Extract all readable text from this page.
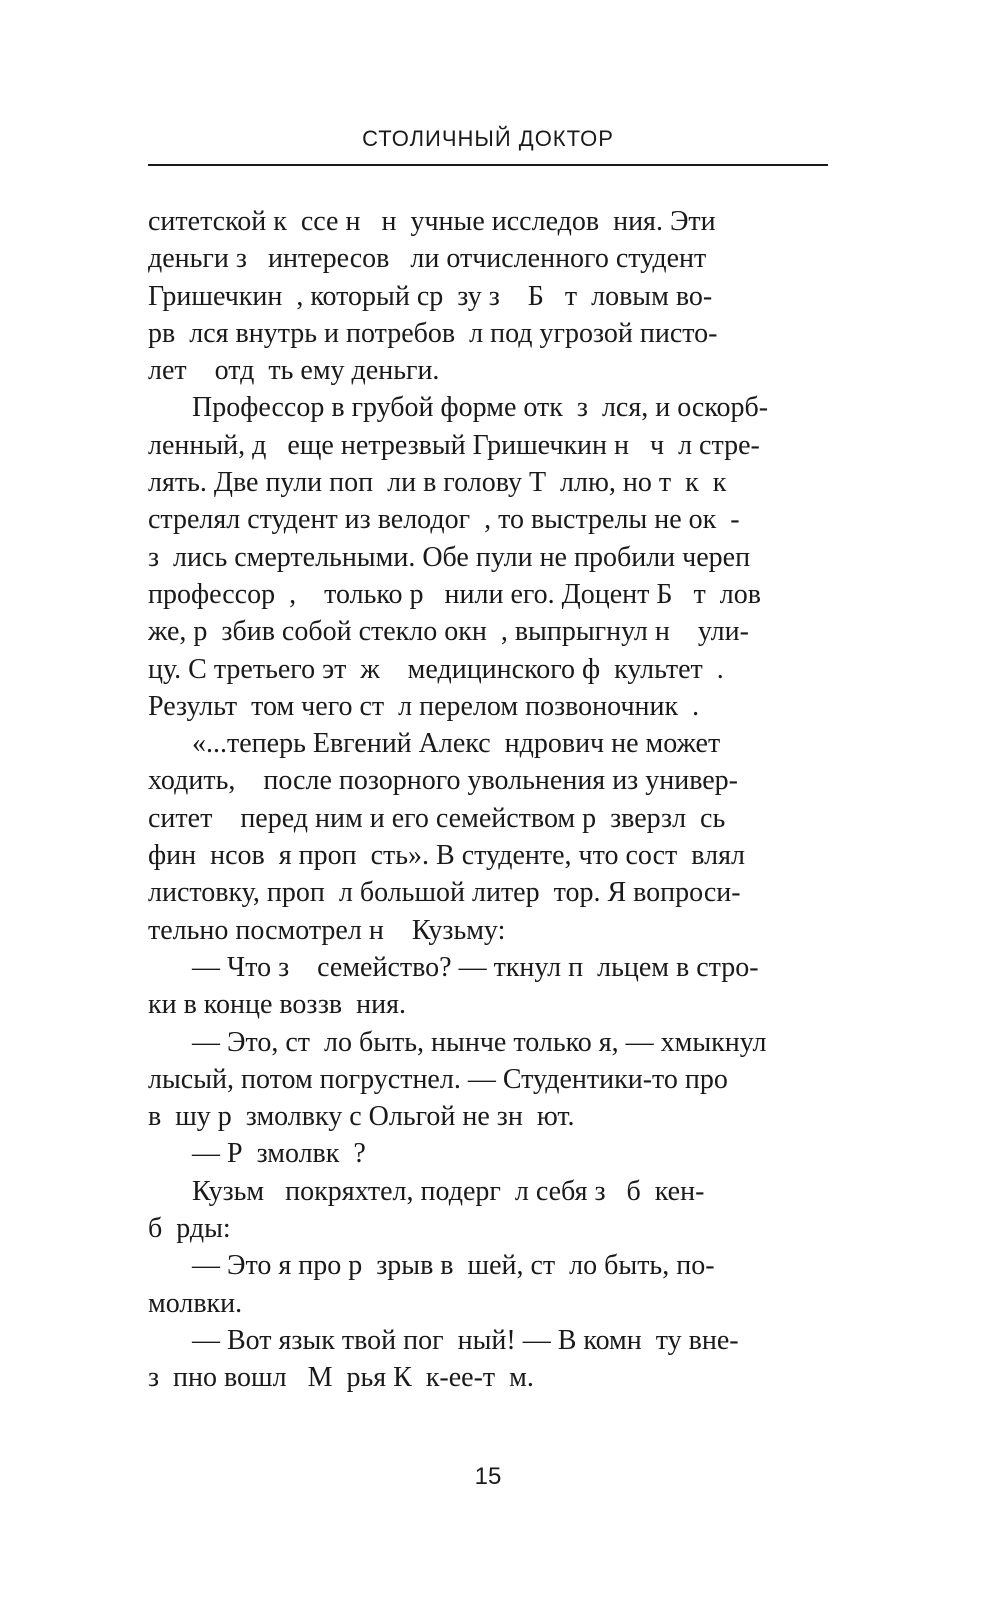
СТОЛИЧНЫЙ ДОКТОР
ситетской к  ссе н   н  учные исследов  ния. Эти
деньги з   интересов   ли отчисленного студент
Гришечкин  , который ср  зу з    Б   т  ловым во-
рв  лся внутрь и потребов  л под угрозой писто-
лет    отд  ть ему деньги.
Профессор в грубой форме отк  з  лся, и оскорб-
ленный, д   еще нетрезвый Гришечкин н   ч  л стре-
лять. Две пули поп  ли в голову Т  ллю, но т  к  к
стрелял студент из велодог  , то выстрелы не ок  -
з  лись смертельными. Обе пули не пробили череп
профессор  ,    только р   нили его. Доцент Б   т  лов
же, р  збив собой стекло окн  , выпрыгнул н    ули-
цу. С третьего эт  ж    медицинского ф  культет  .
Результ  том чего ст  л перелом позвоночник  .
«...теперь Евгений Алекс  ндрович не может
ходить,    после позорного увольнения из универ-
ситет    перед ним и его семейством р  зверзл  сь
фин  нсов  я проп  сть». В студенте, что сост  влял
листовку, проп  л большой литер  тор. Я вопроси-
тельно посмотрел н    Кузьму:
— Что з    семейство? — ткнул п  льцем в стро-
ки в конце воззв  ния.
— Это, ст  ло быть, нынче только я, — хмыкнул
лысый, потом погрустнел. — Студентики-то про
в  шу р  змолвку с Ольгой не зн  ют.
— Р  змолвк  ?
Кузьм   покряхтел, подерг  л себя з   б  кен-
б  рды:
— Это я про р  зрыв в  шей, ст  ло быть, по-
молвки.
— Вот язык твой пог  ный! — В комн  ту вне-
з  пно вошл   М  рья К  к-ее-т  м.
15
